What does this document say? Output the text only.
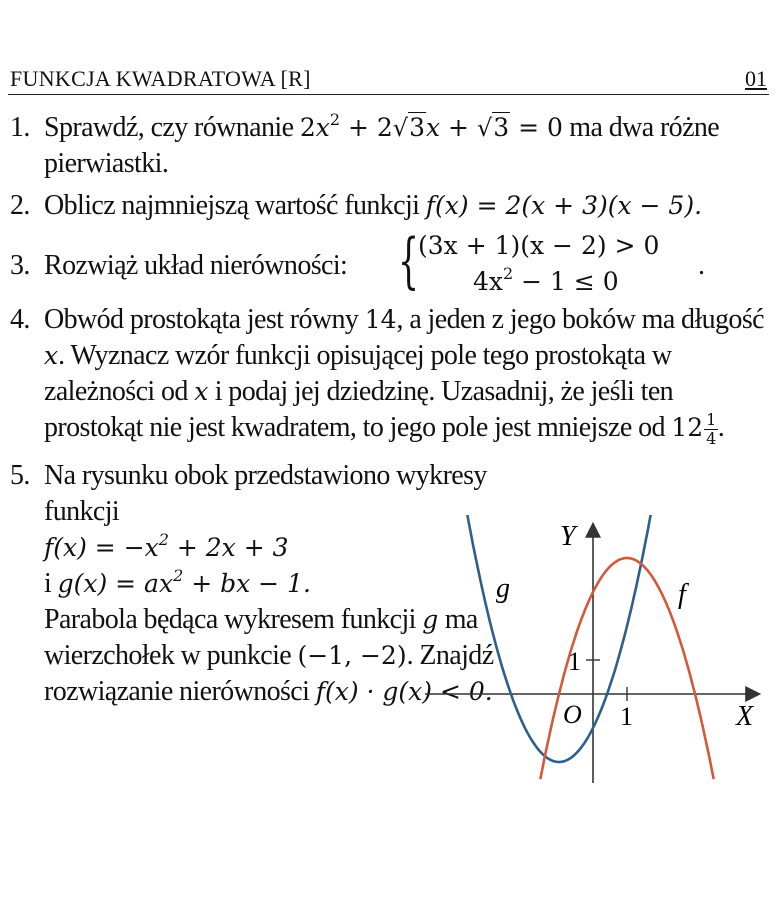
FUNKCJA KWADRATOWA [R]	01
1. Sprawdź, czy równanie $2x^2 + 2√3x + √3 = 0$ ma dwa różne pierwiastki.
2. Oblicz najmniejszą wartość funkcji f(x) = 2(x + 3)(x − 5).
3. Rozwiąż układ nierówności: { (3x + 1)(x − 2) > 0
$4x^2 - 1 \le 0$
.
4. Obwód prostokąta jest równy 14, a jeden z jego boków ma długość x. Wyznacz wzór funkcji opisującej pole tego prostokąta w zależności od x i podaj jej dziedzinę. Uzasadnij, że jeśli ten prostokąt nie jest kwadratem, to jego pole jest mniejsze od $12 \frac{1}{4}$ .
5. Na rysunku obok przedstawiono wykresy funkcji
$f(x) = -x^2 + 2x + 3$
i $g(x) = ax^2$ + bx − 1.
Parabola będąca wykresem funkcji g ma wierzchołek w punkcie (−1, −2). Znajdź rozwiązanie nierówności f(x) · g(x) < 0.
Y
X
O 1
1
g	f
